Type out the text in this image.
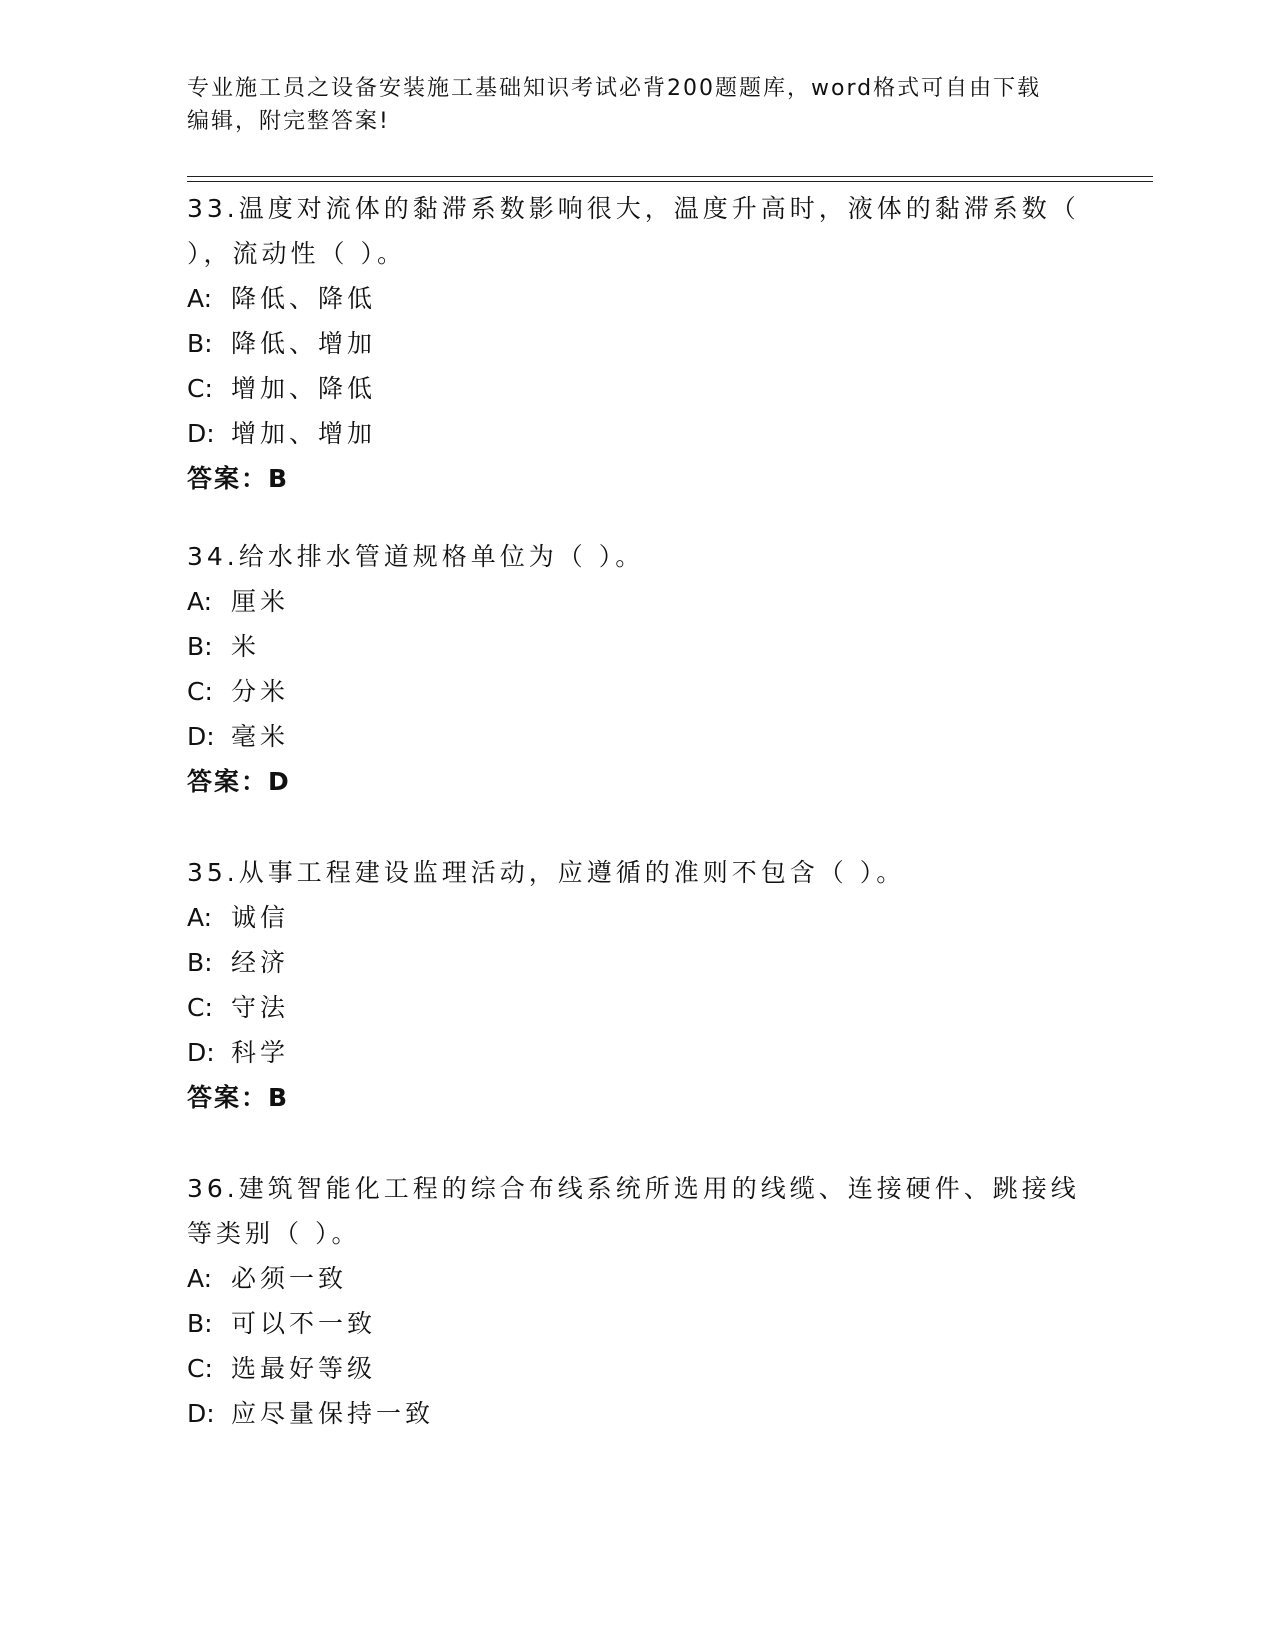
专业施工员之设备安装施工基础知识考试必背200题题库，word格式可自由下载
编辑，附完整答案!
33.温度对流体的黏滞系数影响很大，温度升高时，液体的黏滞系数（
），流动性（ ）。
A: 降低、降低
B: 降低、增加
C: 增加、降低
D: 增加、增加
答案：B
34.给水排水管道规格单位为（ ）。
A: 厘米
B: 米
C: 分米
D: 毫米
答案：D
35.从事工程建设监理活动，应遵循的准则不包含（ ）。
A: 诚信
B: 经济
C: 守法
D: 科学
答案：B
36.建筑智能化工程的综合布线系统所选用的线缆、连接硬件、跳接线
等类别（ ）。
A: 必须一致
B: 可以不一致
C: 选最好等级
D: 应尽量保持一致
